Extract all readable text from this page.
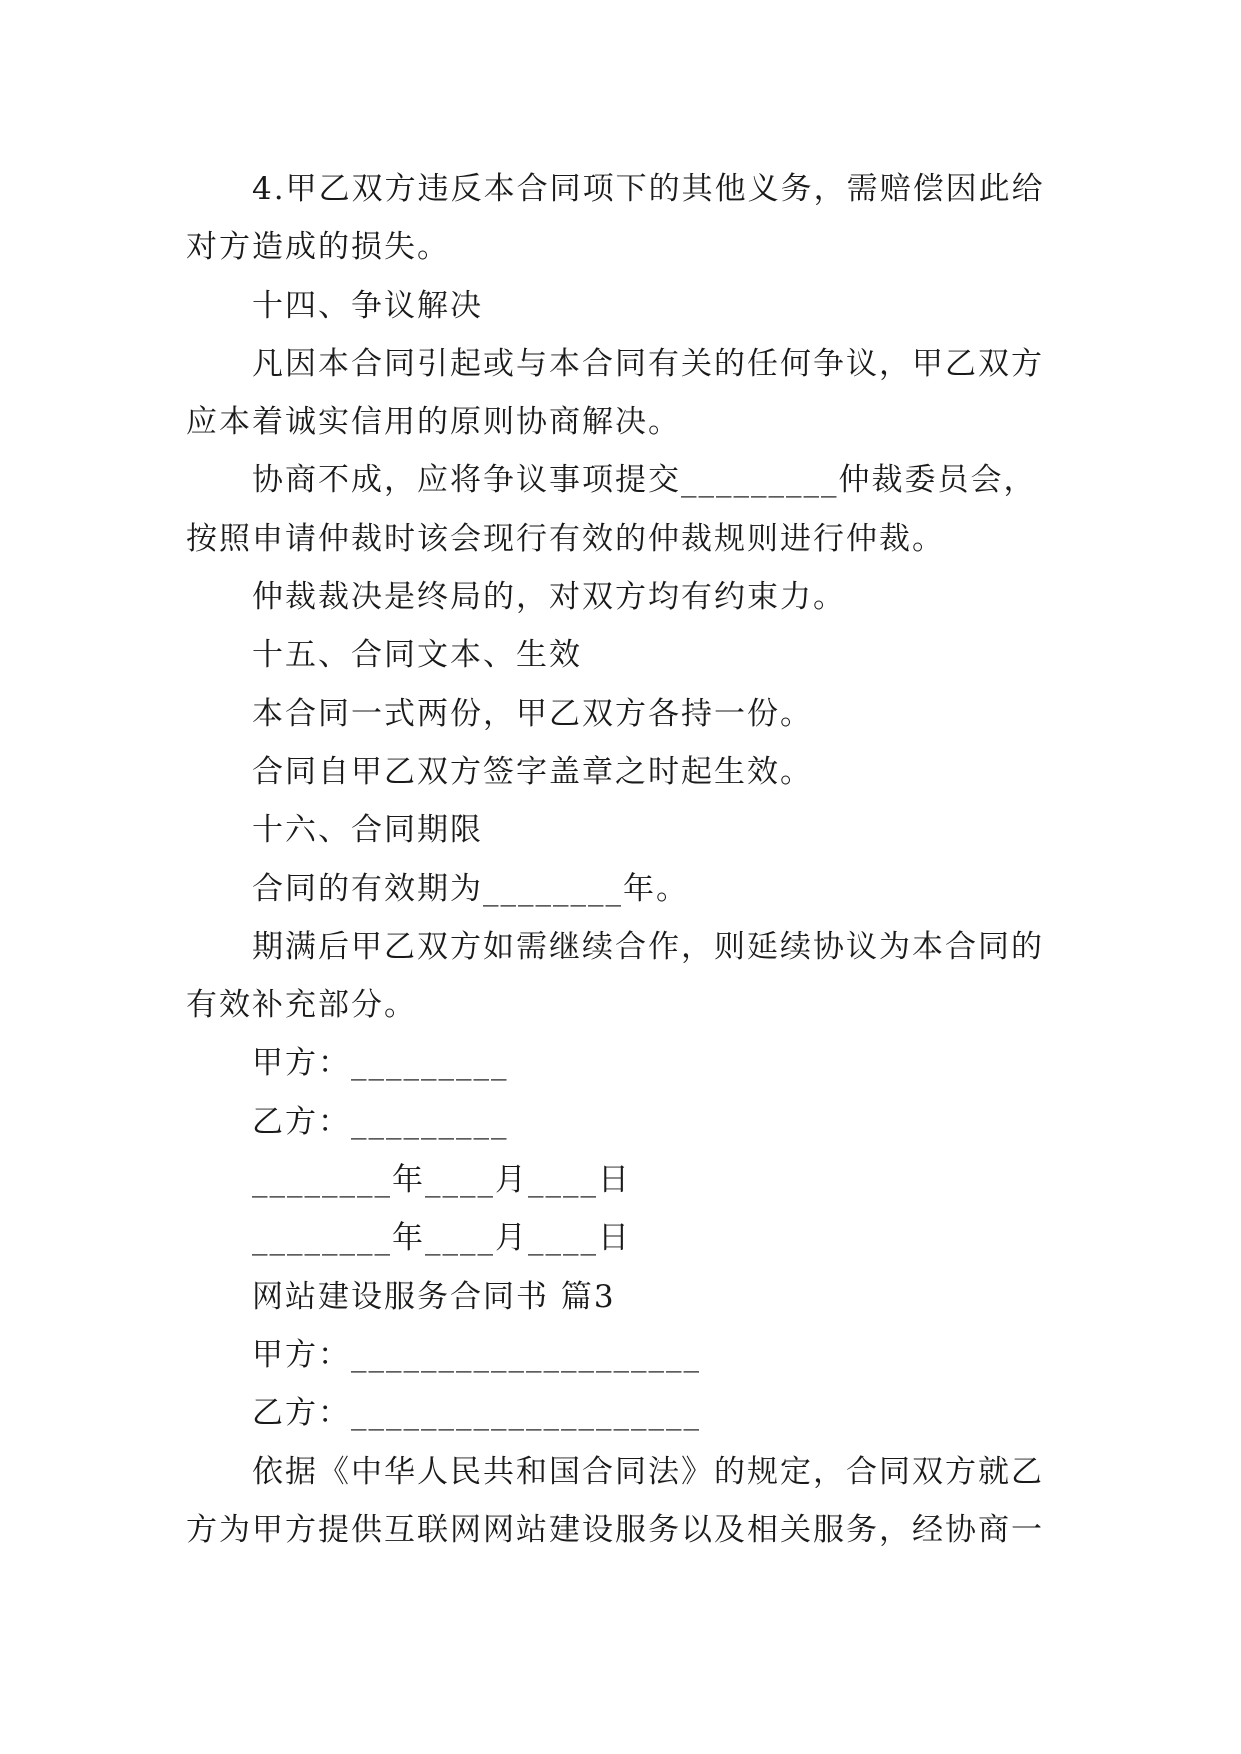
4.甲乙双方违反本合同项下的其他义务，需赔偿因此给对方造成的损失。

十四、争议解决

凡因本合同引起或与本合同有关的任何争议，甲乙双方应本着诚实信用的原则协商解决。

协商不成，应将争议事项提交_________仲裁委员会，按照申请仲裁时该会现行有效的仲裁规则进行仲裁。

仲裁裁决是终局的，对双方均有约束力。

十五、合同文本、生效

本合同一式两份，甲乙双方各持一份。

合同自甲乙双方签字盖章之时起生效。

十六、合同期限

合同的有效期为________年。

期满后甲乙双方如需继续合作，则延续协议为本合同的有效补充部分。

甲方：_________

乙方：_________

________年____月____日

________年____月____日

网站建设服务合同书 篇3

甲方：____________________

乙方：____________________

依据《中华人民共和国合同法》的规定，合同双方就乙方为甲方提供互联网网站建设服务以及相关服务，经协商一
